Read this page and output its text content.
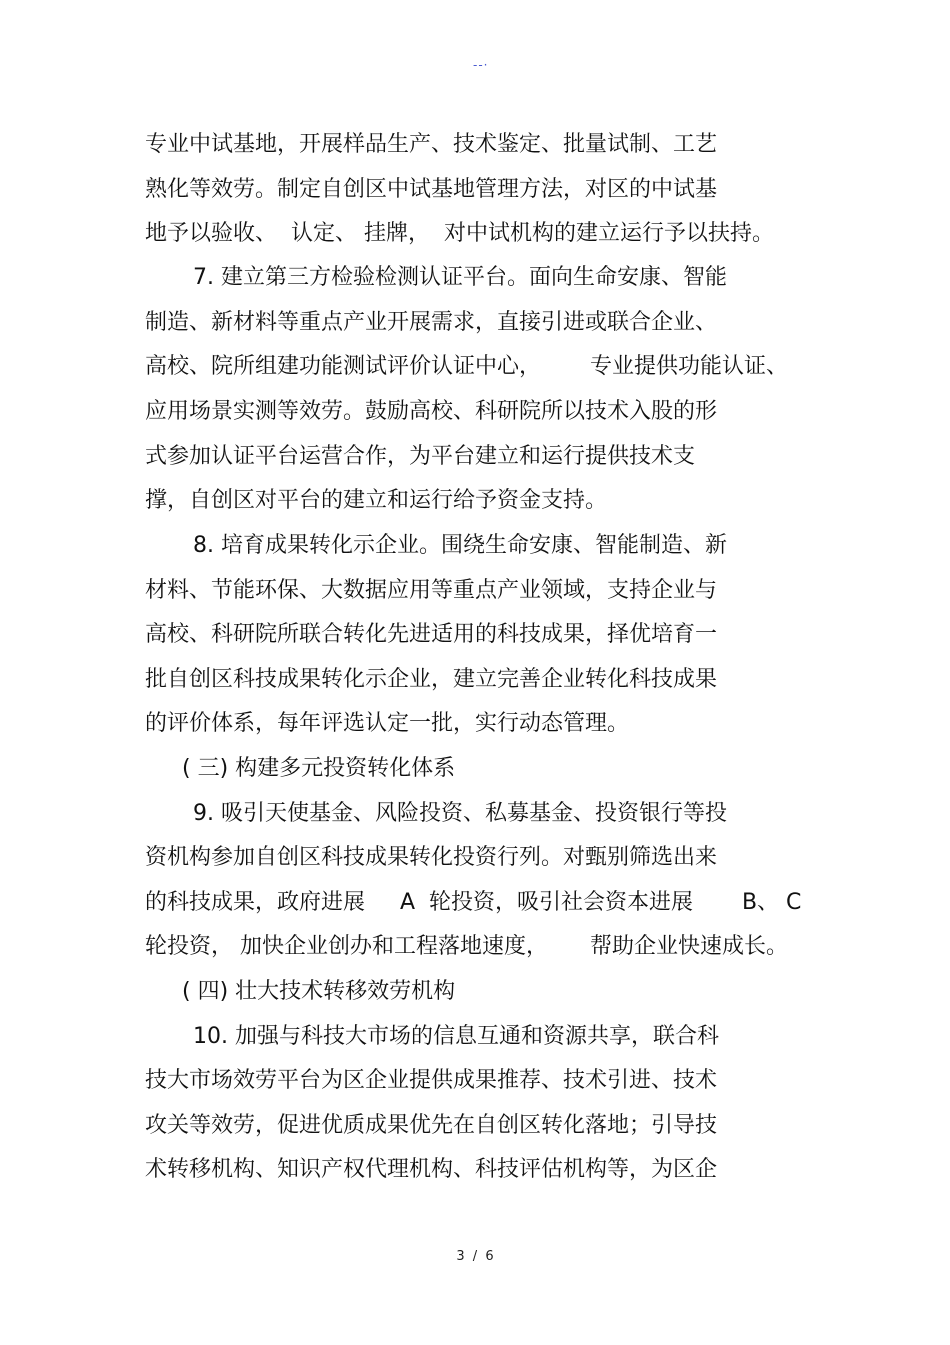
--·
专业中试基地，开展样品生产、技术鉴定、批量试制、工艺
熟化等效劳。制定自创区中试基地管理方法，对区的中试基
地予以验收、  认定、 挂牌，  对中试机构的建立运行予以扶持。
7. 建立第三方检验检测认证平台。面向生命安康、智能
制造、新材料等重点产业开展需求，直接引进或联合企业、
高校、院所组建功能测试评价认证中心，       专业提供功能认证、
应用场景实测等效劳。鼓励高校、科研院所以技术入股的形
式参加认证平台运营合作，为平台建立和运行提供技术支
撑，自创区对平台的建立和运行给予资金支持。
8. 培育成果转化示企业。围绕生命安康、智能制造、新
材料、节能环保、大数据应用等重点产业领域，支持企业与
高校、科研院所联合转化先进适用的科技成果，择优培育一
批自创区科技成果转化示企业，建立完善企业转化科技成果
的评价体系，每年评选认定一批，实行动态管理。
( 三) 构建多元投资转化体系
9. 吸引天使基金、风险投资、私募基金、投资银行等投
资机构参加自创区科技成果转化投资行列。对甄别筛选出来
的科技成果，政府进展     A  轮投资，吸引社会资本进展       B、 C
轮投资， 加快企业创办和工程落地速度，      帮助企业快速成长。
( 四) 壮大技术转移效劳机构
10. 加强与科技大市场的信息互通和资源共享，联合科
技大市场效劳平台为区企业提供成果推荐、技术引进、技术
攻关等效劳，促进优质成果优先在自创区转化落地；引导技
术转移机构、知识产权代理机构、科技评估机构等，为区企
3 / 6
